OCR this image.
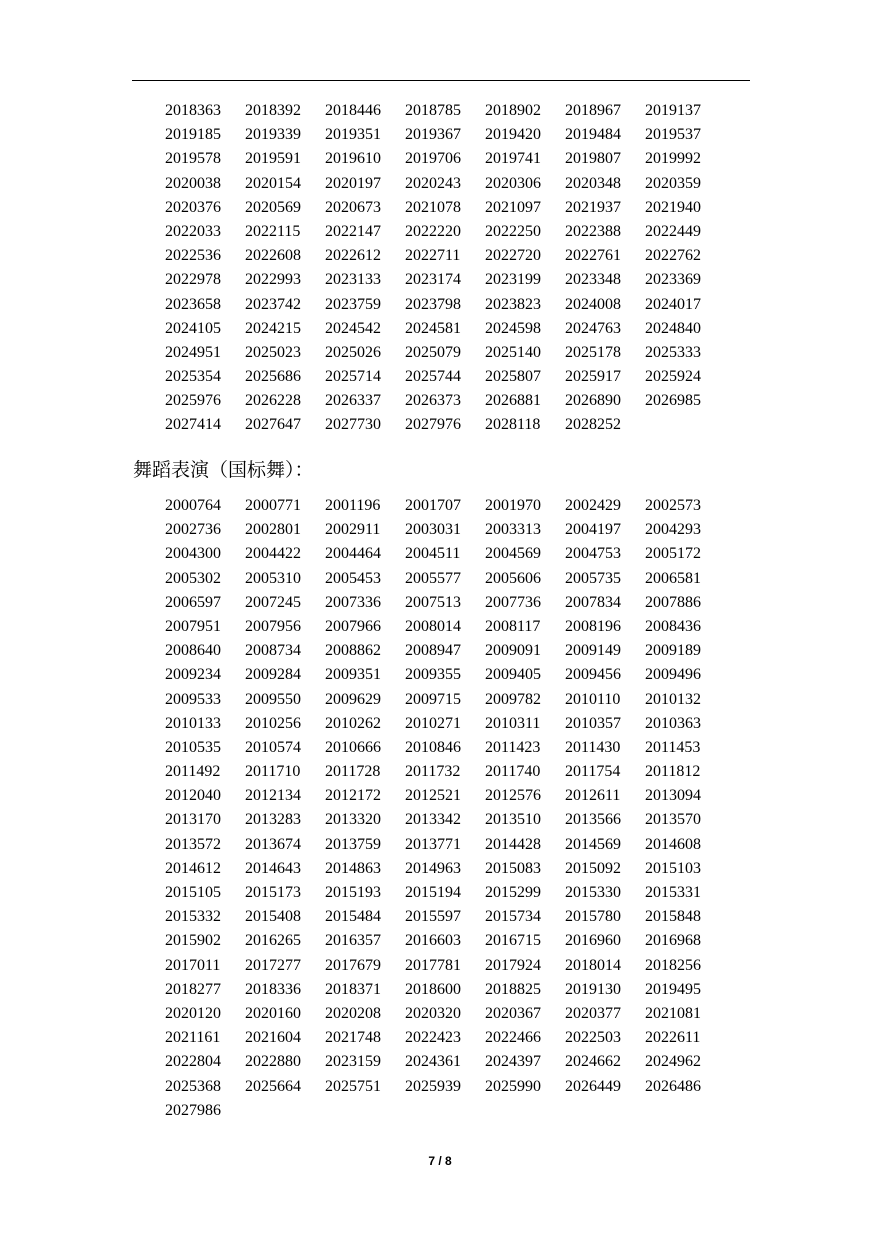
2018363	2018392	2018446	2018785	2018902	2018967	2019137
2019185	2019339	2019351	2019367	2019420	2019484	2019537
2019578	2019591	2019610	2019706	2019741	2019807	2019992
2020038	2020154	2020197	2020243	2020306	2020348	2020359
2020376	2020569	2020673	2021078	2021097	2021937	2021940
2022033	2022115	2022147	2022220	2022250	2022388	2022449
2022536	2022608	2022612	2022711	2022720	2022761	2022762
2022978	2022993	2023133	2023174	2023199	2023348	2023369
2023658	2023742	2023759	2023798	2023823	2024008	2024017
2024105	2024215	2024542	2024581	2024598	2024763	2024840
2024951	2025023	2025026	2025079	2025140	2025178	2025333
2025354	2025686	2025714	2025744	2025807	2025917	2025924
2025976	2026228	2026337	2026373	2026881	2026890	2026985
2027414	2027647	2027730	2027976	2028118	2028252
舞蹈表演（国标舞）：
2000764	2000771	2001196	2001707	2001970	2002429	2002573
2002736	2002801	2002911	2003031	2003313	2004197	2004293
2004300	2004422	2004464	2004511	2004569	2004753	2005172
2005302	2005310	2005453	2005577	2005606	2005735	2006581
2006597	2007245	2007336	2007513	2007736	2007834	2007886
2007951	2007956	2007966	2008014	2008117	2008196	2008436
2008640	2008734	2008862	2008947	2009091	2009149	2009189
2009234	2009284	2009351	2009355	2009405	2009456	2009496
2009533	2009550	2009629	2009715	2009782	2010110	2010132
2010133	2010256	2010262	2010271	2010311	2010357	2010363
2010535	2010574	2010666	2010846	2011423	2011430	2011453
2011492	2011710	2011728	2011732	2011740	2011754	2011812
2012040	2012134	2012172	2012521	2012576	2012611	2013094
2013170	2013283	2013320	2013342	2013510	2013566	2013570
2013572	2013674	2013759	2013771	2014428	2014569	2014608
2014612	2014643	2014863	2014963	2015083	2015092	2015103
2015105	2015173	2015193	2015194	2015299	2015330	2015331
2015332	2015408	2015484	2015597	2015734	2015780	2015848
2015902	2016265	2016357	2016603	2016715	2016960	2016968
2017011	2017277	2017679	2017781	2017924	2018014	2018256
2018277	2018336	2018371	2018600	2018825	2019130	2019495
2020120	2020160	2020208	2020320	2020367	2020377	2021081
2021161	2021604	2021748	2022423	2022466	2022503	2022611
2022804	2022880	2023159	2024361	2024397	2024662	2024962
2025368	2025664	2025751	2025939	2025990	2026449	2026486
2027986
7 / 8
